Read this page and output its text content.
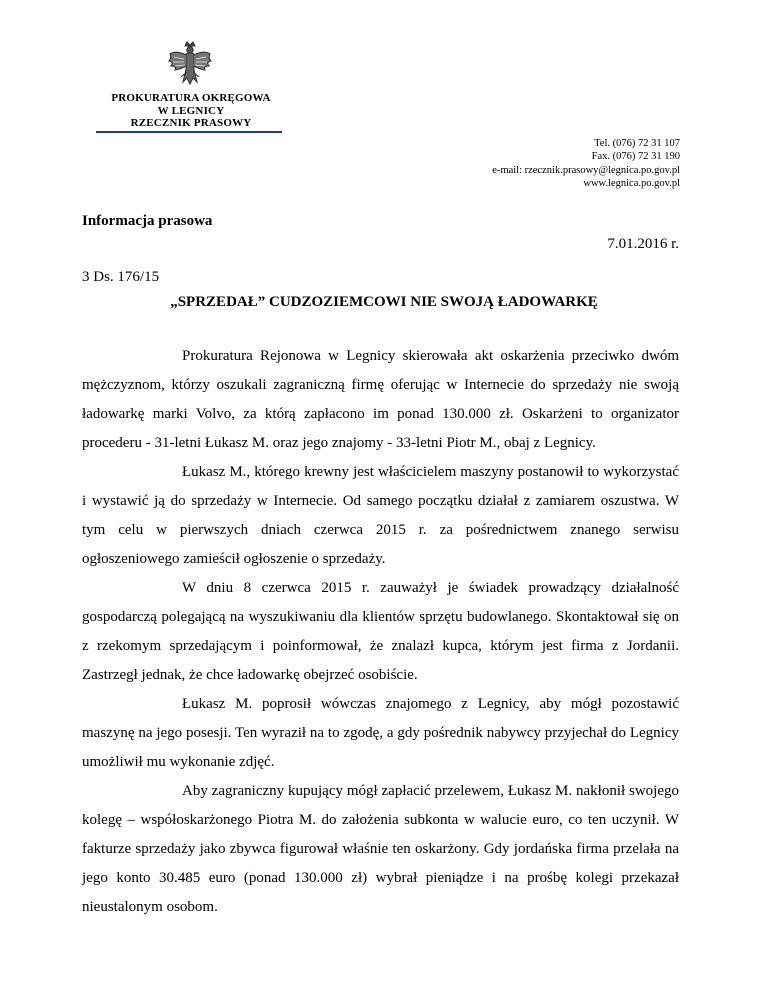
PROKURATURA OKRĘGOWA
W LEGNICY
RZECZNIK PRASOWY
Tel. (076) 72 31 107
Fax. (076) 72 31 190
e-mail: rzecznik.prasowy@legnica.po.gov.pl
www.legnica.po.gov.pl
Informacja prasowa
7.01.2016 r.
3 Ds. 176/15
„SPRZEDAŁ” CUDZOZIEMCOWI NIE SWOJĄ ŁADOWARKĘ

Prokuratura Rejonowa w Legnicy skierowała akt oskarżenia przeciwko dwóm mężczyznom, którzy oszukali zagraniczną firmę oferując w Internecie do sprzedaży nie swoją ładowarkę marki Volvo, za którą zapłacono im ponad 130.000 zł. Oskarżeni to organizator procederu - 31-letni Łukasz M. oraz jego znajomy - 33-letni Piotr M., obaj z Legnicy.

Łukasz M., którego krewny jest właścicielem maszyny postanowił to wykorzystać i wystawić ją do sprzedaży w Internecie. Od samego początku działał z zamiarem oszustwa. W tym celu w pierwszych dniach czerwca 2015 r. za pośrednictwem znanego serwisu ogłoszeniowego zamieścił ogłoszenie o sprzedaży.

W dniu 8 czerwca 2015 r. zauważył je świadek prowadzący działalność gospodarczą polegającą na wyszukiwaniu dla klientów sprzętu budowlanego. Skontaktował się on z rzekomym sprzedającym i poinformował, że znalazł kupca, którym jest firma z Jordanii. Zastrzegł jednak, że chce ładowarkę obejrzeć osobiście.

Łukasz M. poprosił wówczas znajomego z Legnicy, aby mógł pozostawić maszynę na jego posesji. Ten wyraził na to zgodę, a gdy pośrednik nabywcy przyjechał do Legnicy umożliwił mu wykonanie zdjęć.

Aby zagraniczny kupujący mógł zapłacić przelewem, Łukasz M. nakłonił swojego kolegę – współoskarżonego Piotra M. do założenia subkonta w walucie euro, co ten uczynił. W fakturze sprzedaży jako zbywca figurował właśnie ten oskarżony. Gdy jordańska firma przelała na jego konto 30.485 euro (ponad 130.000 zł) wybrał pieniądze i na prośbę kolegi przekazał nieustalonym osobom.
